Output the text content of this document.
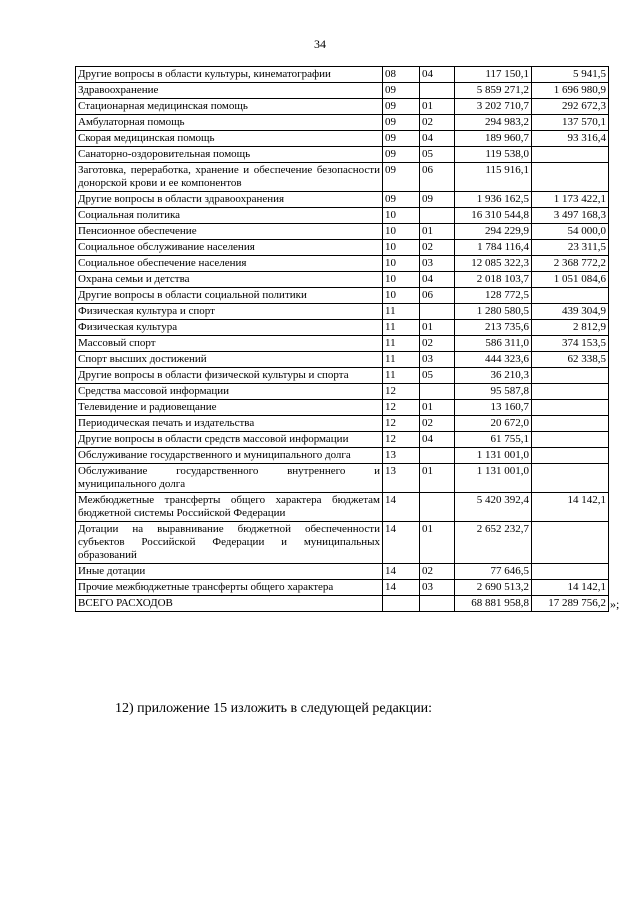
34
Другие вопросы в области культуры, кинематографии	08	04	117 150,1	5 941,5
Здравоохранение	09		5 859 271,2	1 696 980,9
Стационарная медицинская помощь	09	01	3 202 710,7	292 672,3
Амбулаторная помощь	09	02	294 983,2	137 570,1
Скорая медицинская помощь	09	04	189 960,7	93 316,4
Санаторно-оздоровительная помощь	09	05	119 538,0	
Заготовка, переработка, хранение и обеспечение безопасности донорской крови и ее компонентов	09	06	115 916,1	
Другие вопросы в области здравоохранения	09	09	1 936 162,5	1 173 422,1
Социальная политика	10		16 310 544,8	3 497 168,3
Пенсионное обеспечение	10	01	294 229,9	54 000,0
Социальное обслуживание населения	10	02	1 784 116,4	23 311,5
Социальное обеспечение населения	10	03	12 085 322,3	2 368 772,2
Охрана семьи и детства	10	04	2 018 103,7	1 051 084,6
Другие вопросы в области социальной политики	10	06	128 772,5	
Физическая культура и спорт	11		1 280 580,5	439 304,9
Физическая культура	11	01	213 735,6	2 812,9
Массовый спорт	11	02	586 311,0	374 153,5
Спорт высших достижений	11	03	444 323,6	62 338,5
Другие вопросы в области физической культуры и спорта	11	05	36 210,3	
Средства массовой информации	12		95 587,8	
Телевидение и радиовещание	12	01	13 160,7	
Периодическая печать и издательства	12	02	20 672,0	
Другие вопросы в области средств массовой информации	12	04	61 755,1	
Обслуживание государственного и муниципального долга	13		1 131 001,0	
Обслуживание государственного внутреннего и муниципального долга	13	01	1 131 001,0	
Межбюджетные трансферты общего характера бюджетам бюджетной системы Российской Федерации	14		5 420 392,4	14 142,1
Дотации на выравнивание бюджетной обеспеченности субъектов Российской Федерации и муниципальных образований	14	01	2 652 232,7	
Иные дотации	14	02	77 646,5	
Прочие межбюджетные трансферты общего характера	14	03	2 690 513,2	14 142,1
ВСЕГО РАСХОДОВ			68 881 958,8	17 289 756,2 »;
12) приложение 15 изложить в следующей редакции:
